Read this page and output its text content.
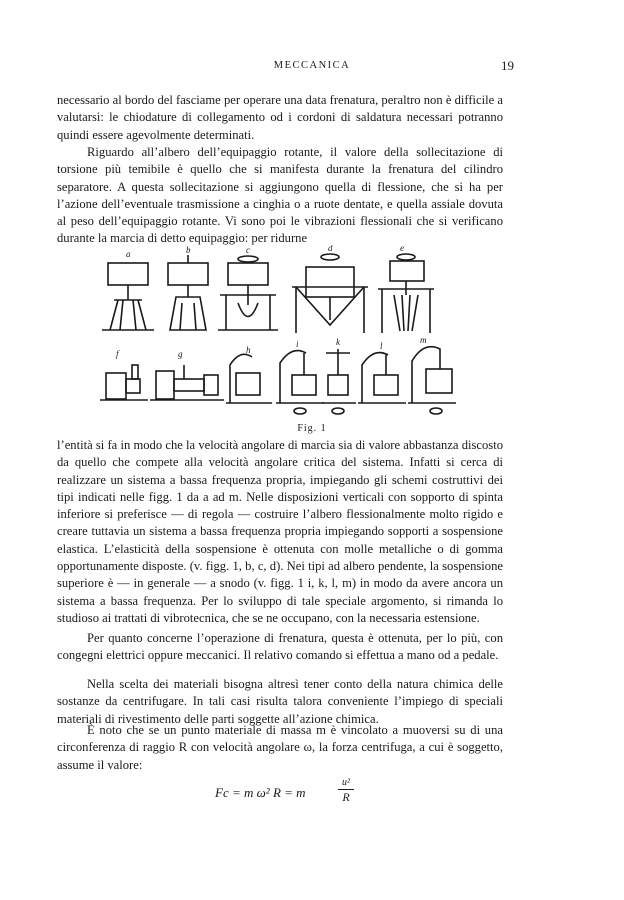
MECCANICA	19

necessario al bordo del fasciame per operare una data frenatura, peraltro non è difficile a valutarsi: le chiodature di collegamento od i cordoni di saldatura necessari potranno quindi essere agevolmente determinati.

Riguardo all’albero dell’equipaggio rotante, il valore della sollecitazione di torsione più temibile è quello che si manifesta durante la frenatura del cilindro separatore. A questa sollecitazione si aggiungono quella di flessione, che si ha per l’azione dell’eventuale trasmissione a cinghia o a ruote dentate, e quella assiale dovuta al peso dell’equipaggio rotante. Vi sono poi le vibrazioni flessionali che si verificano durante la marcia di detto equipaggio: per ridurne

a	b	c	d	e
f	g	h
i	k	l
m
Fig. 1

l’entità si fa in modo che la velocità angolare di marcia sia di valore abbastanza discosto da quello che compete alla velocità angolare critica del sistema. Infatti si cerca di realizzare un sistema a bassa frequenza propria, impiegando gli schemi costruttivi dei tipi indicati nelle figg. 1 da a ad m. Nelle disposizioni verticali con sopporto di spinta inferiore si preferisce — di regola — costruire l’albero flessionalmente molto rigido e creare tuttavia un sistema a bassa frequenza propria impiegando sopporti a sospensione elastica. L’elasticità della sospensione è ottenuta con molle metalliche o di gomma opportunamente disposte. (v. figg. 1, b, c, d). Nei tipi ad albero pendente, la sospensione superiore è — in generale — a snodo (v. figg. 1 i, k, l, m) in modo da avere ancora un sistema a bassa frequenza. Per lo sviluppo di tale speciale argomento, si rimanda lo studioso ai trattati di vibrotecnica, che se ne occupano, con la necessaria estensione.

Per quanto concerne l’operazione di frenatura, questa è ottenuta, per lo più, con congegni elettrici oppure meccanici. Il relativo comando si effettua a mano od a pedale.

Nella scelta dei materiali bisogna altresì tener conto della natura chimica delle sostanze da centrifugare. In tali casi risulta talora conveniente l’impiego di speciali materiali di rivestimento delle parti soggette all’azione chimica.

È noto che se un punto materiale di massa m è vincolato a muoversi su di una circonferenza di raggio R con velocità angolare ω, la forza centrifuga, a cui è soggetto, assume il valore:

Fc = m ω² R = m
u²
R
